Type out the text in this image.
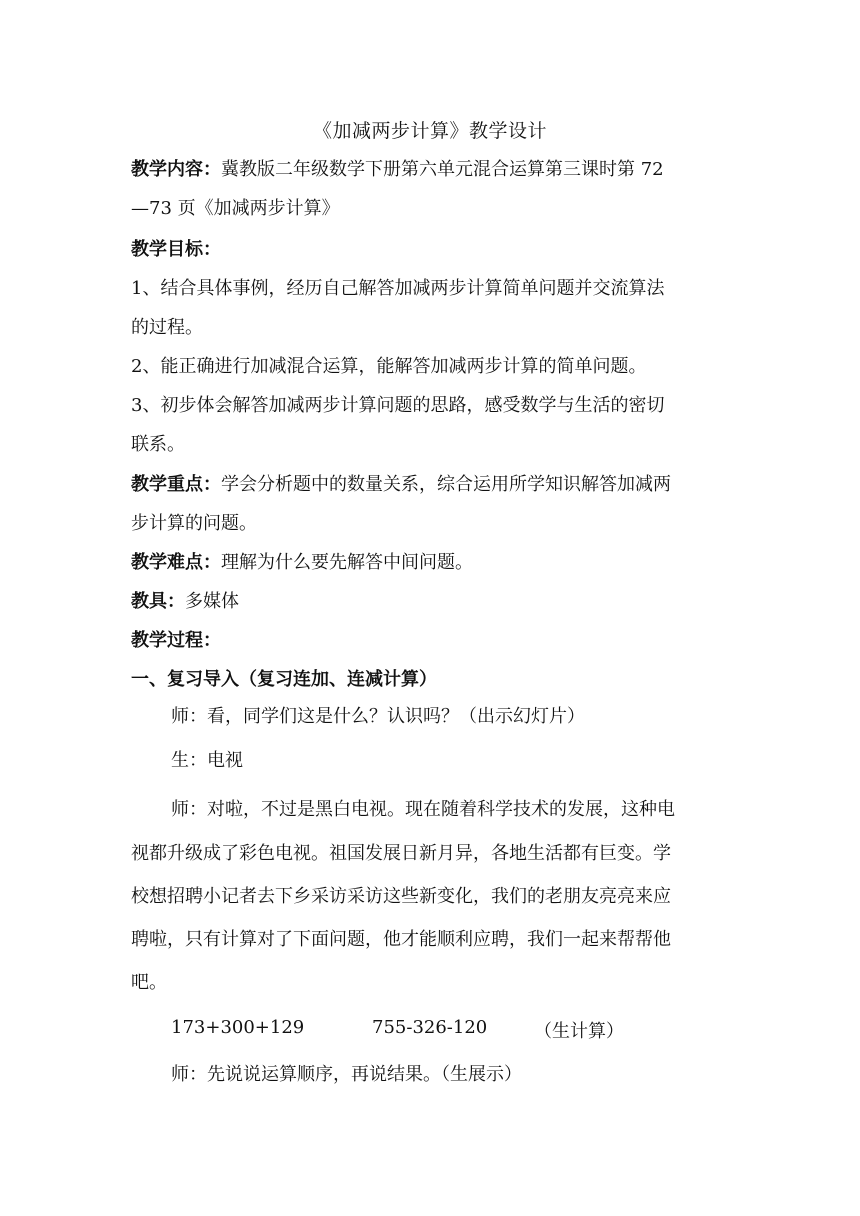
《加减两步计算》教学设计
教学内容：冀教版二年级数学下册第六单元混合运算第三课时第 72
—73 页《加减两步计算》
教学目标：
1、结合具体事例，经历自己解答加减两步计算简单问题并交流算法
的过程。
2、能正确进行加减混合运算，能解答加减两步计算的简单问题。
3、初步体会解答加减两步计算问题的思路，感受数学与生活的密切
联系。
教学重点：学会分析题中的数量关系，综合运用所学知识解答加减两
步计算的问题。
教学难点：理解为什么要先解答中间问题。
教具：多媒体
教学过程：
一、复习导入（复习连加、连减计算）
师：看，同学们这是什么？认识吗？（出示幻灯片）
生：电视
师：对啦，不过是黑白电视。现在随着科学技术的发展，这种电
视都升级成了彩色电视。祖国发展日新月异，各地生活都有巨变。学
校想招聘小记者去下乡采访采访这些新变化，我们的老朋友亮亮来应
聘啦，只有计算对了下面问题，他才能顺利应聘，我们一起来帮帮他
吧。
173+300+129	755-326-120	（生计算）
师：先说说运算顺序，再说结果。（生展示）
